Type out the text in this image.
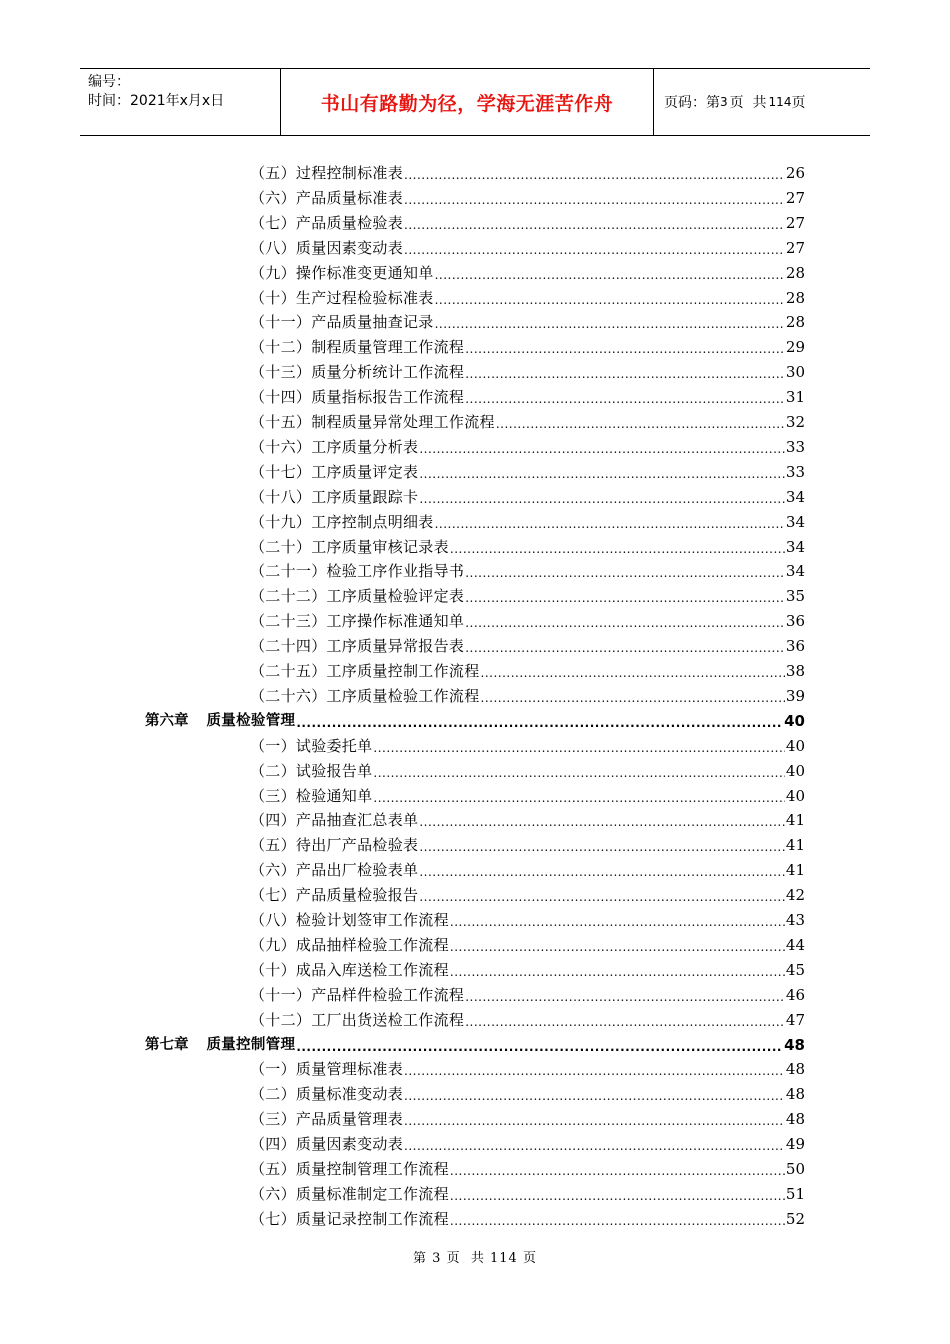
编号：
时间：2021年x月x日	书山有路勤为径，学海无涯苦作舟	页码：第 3 页  共 114 页
（五）过程控制标准表 .....	26
（六）产品质量标准表 .....	27
（七）产品质量检验表 .....	27
（八）质量因素变动表 .....	27
（九）操作标准变更通知单 .....	28
（十）生产过程检验标准表 .....	28
（十一）产品质量抽查记录 .....	28
（十二）制程质量管理工作流程 .....	29
（十三）质量分析统计工作流程 .....	30
（十四）质量指标报告工作流程 .....	31
（十五）制程质量异常处理工作流程 .....	32
（十六）工序质量分析表 .....	33
（十七）工序质量评定表 .....	33
（十八）工序质量跟踪卡 .....	34
（十九）工序控制点明细表 .....	34
（二十）工序质量审核记录表 .....	34
（二十一）检验工序作业指导书 .....	34
（二十二）工序质量检验评定表 .....	35
（二十三）工序操作标准通知单 .....	36
（二十四）工序质量异常报告表 .....	36
（二十五）工序质量控制工作流程 .....	38
（二十六）工序质量检验工作流程 .....	39
第六章 质量检验管理 .....	40
（一）试验委托单 .....	40
（二）试验报告单 .....	40
（三）检验通知单 .....	40
（四）产品抽查汇总表单 .....	41
（五）待出厂产品检验表 .....	41
（六）产品出厂检验表单 .....	41
（七）产品质量检验报告 .....	42
（八）检验计划签审工作流程 .....	43
（九）成品抽样检验工作流程 .....	44
（十）成品入库送检工作流程 .....	45
（十一）产品样件检验工作流程 .....	46
（十二）工厂出货送检工作流程 .....	47
第七章 质量控制管理 .....	48
（一）质量管理标准表 .....	48
（二）质量标准变动表 .....	48
（三）产品质量管理表 .....	48
（四）质量因素变动表 .....	49
（五）质量控制管理工作流程 .....	50
（六）质量标准制定工作流程 .....	51
（七）质量记录控制工作流程 .....	52
第 3 页  共 114 页
